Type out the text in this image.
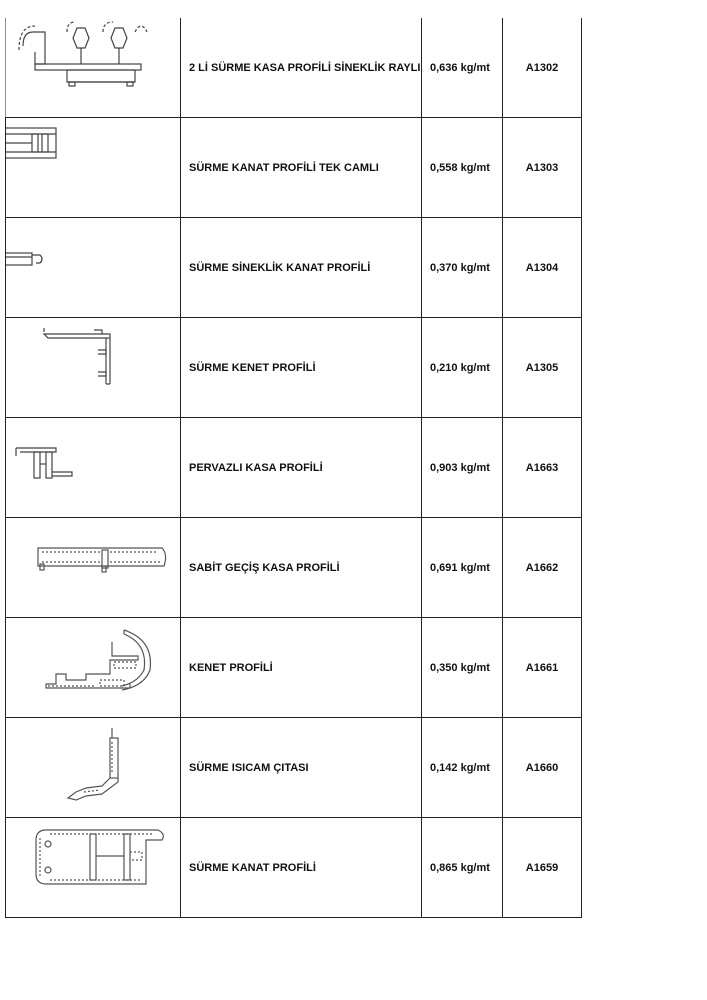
2 Lİ SÜRME KASA PROFİLİ SİNEKLİK RAYLI 0,636 kg/mt	A1302
SÜRME KANAT PROFİLİ TEK CAMLI	0,558 kg/mt	A1303
SÜRME SİNEKLİK KANAT PROFİLİ	0,370 kg/mt	A1304
SÜRME KENET PROFİLİ	0,210 kg/mt	A1305
PERVAZLI KASA PROFİLİ	0,903 kg/mt	A1663
SABİT GEÇİŞ KASA PROFİLİ	0,691 kg/mt	A1662
KENET PROFİLİ	0,350 kg/mt	A1661
SÜRME ISICAM ÇITASI	0,142 kg/mt	A1660
SÜRME KANAT PROFİLİ	0,865 kg/mt	A1659
